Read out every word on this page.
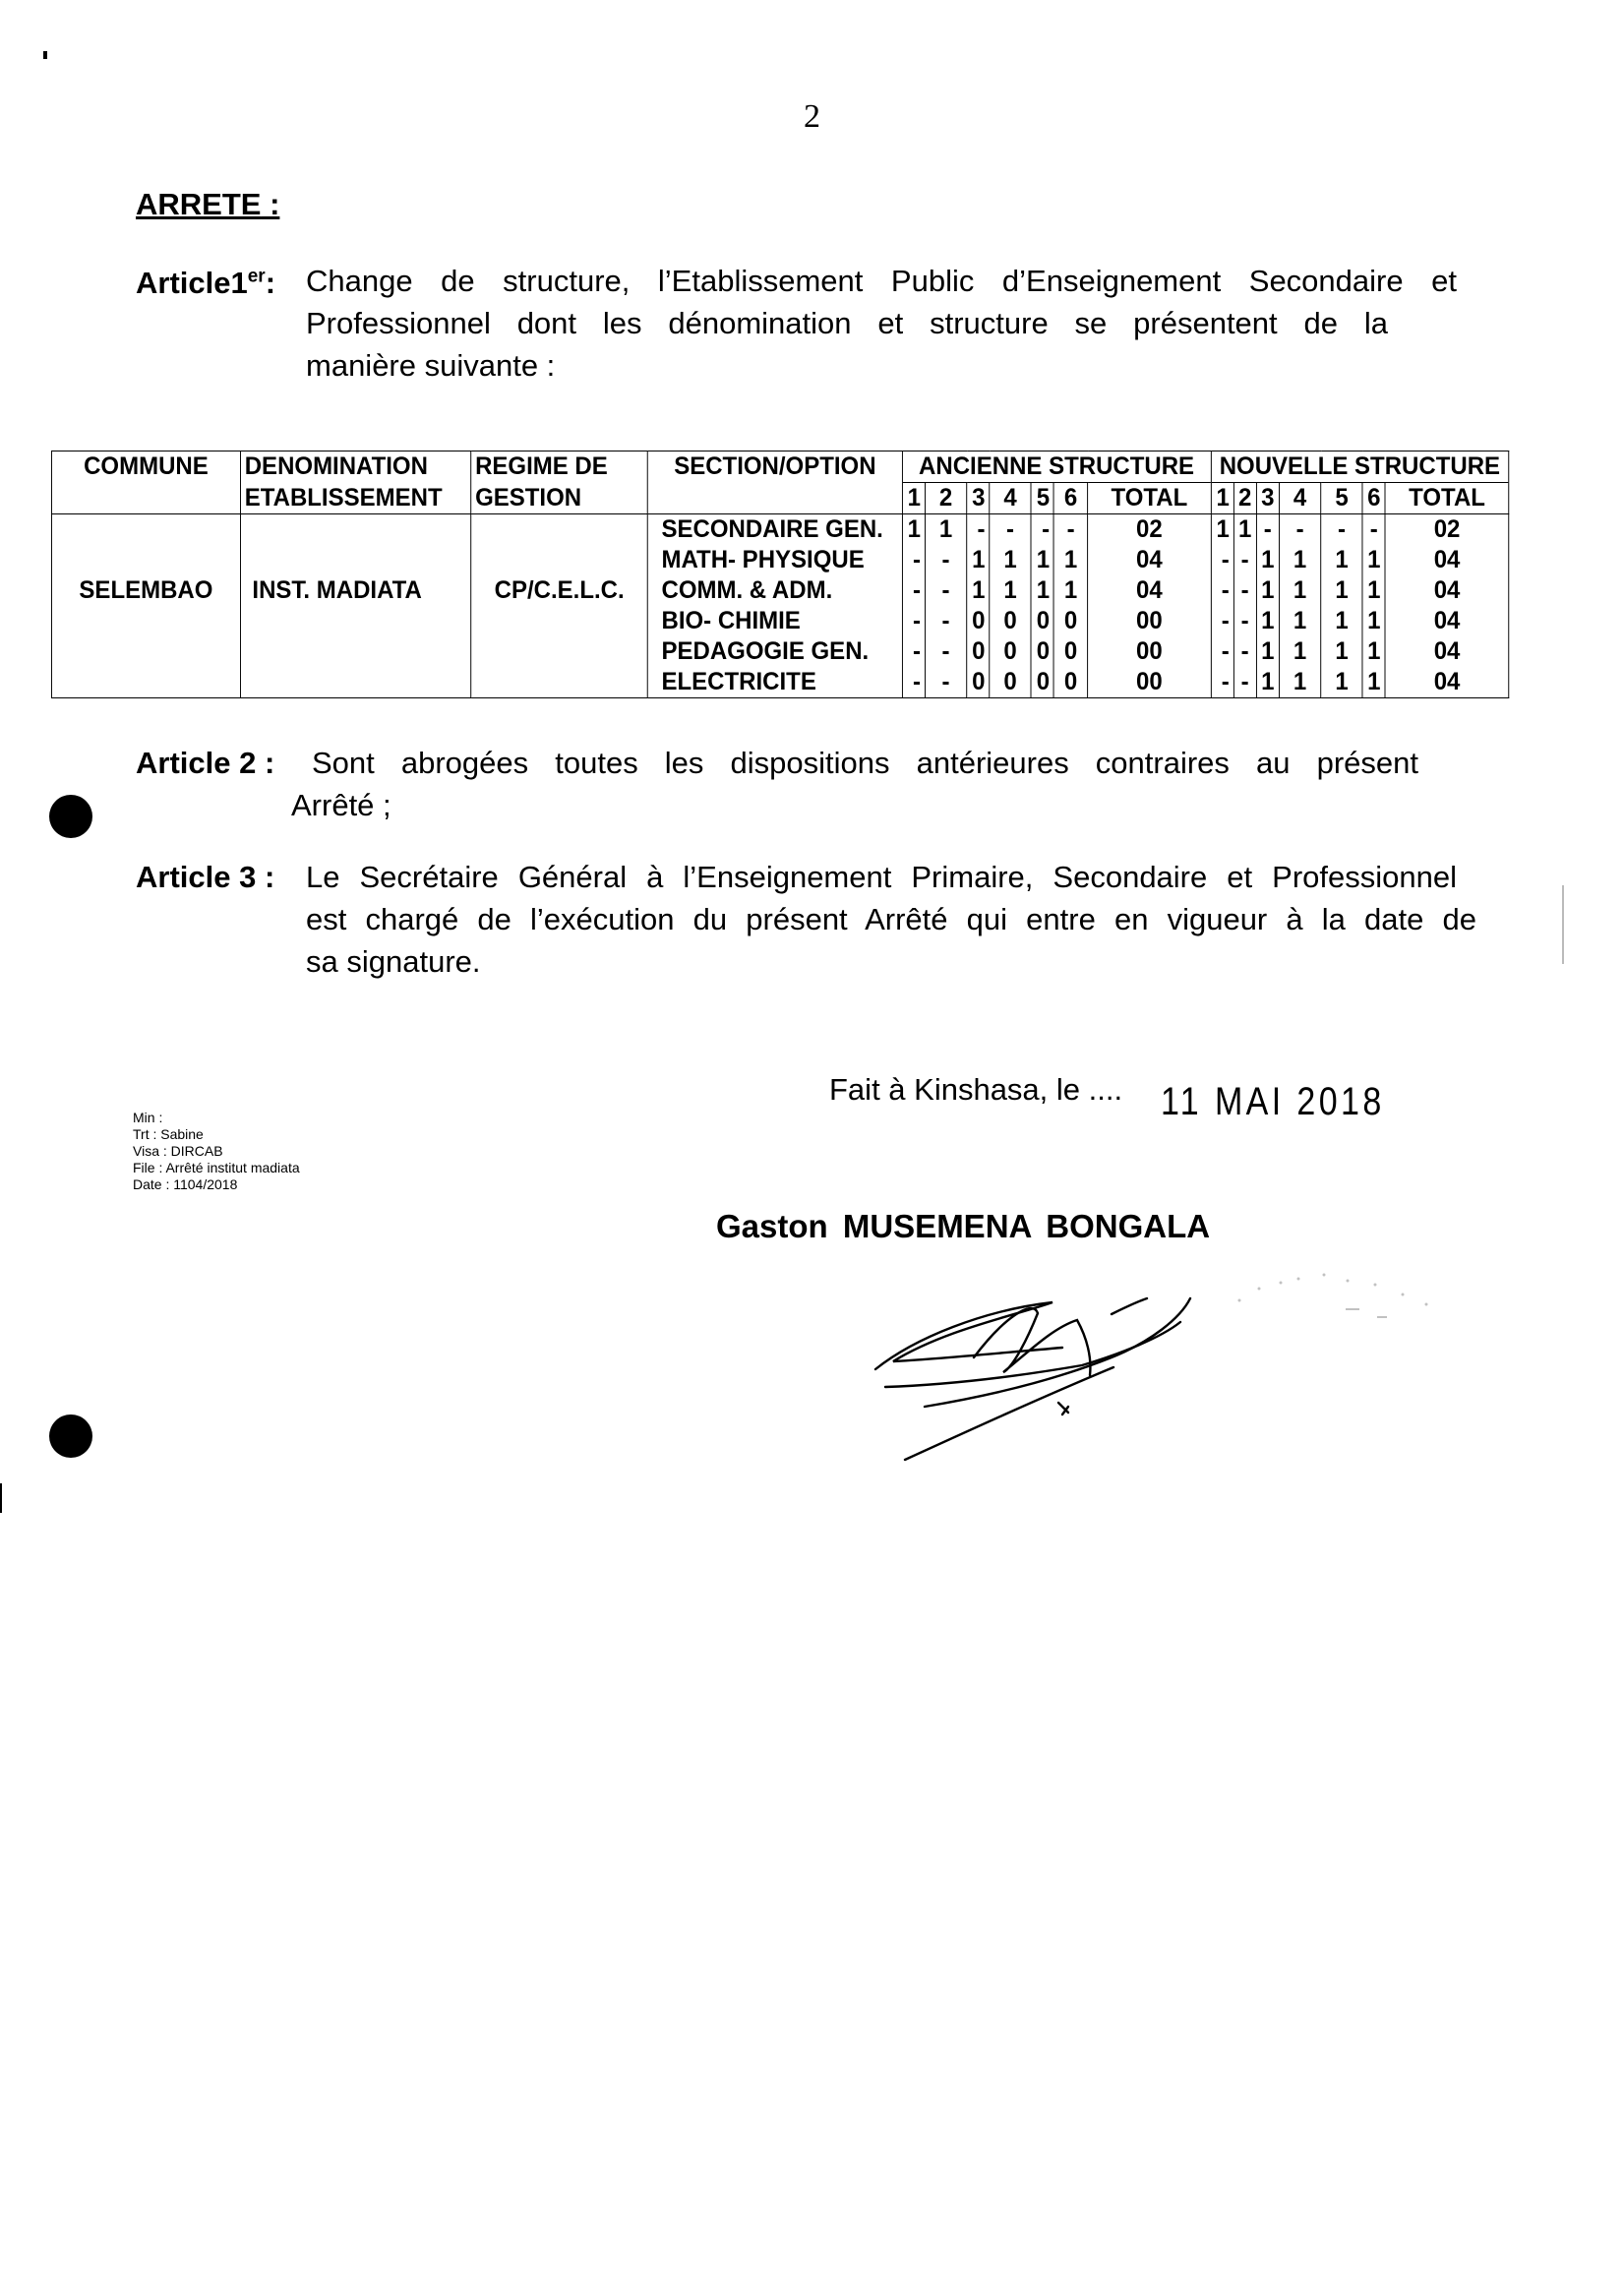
2
ARRETE :
Article1er: Change de structure, l’Etablissement Public d’Enseignement Secondaire et
Professionnel dont les dénomination et structure se présentent de la
manière suivante :
COMMUNE	DENOMINATION	REGIME DE	SECTION/OPTION	ANCIENNE STRUCTURE							NOUVELLE STRUCTURE						
	ETABLISSEMENT	GESTION		1	2	3	4	5	6	TOTAL	1	2	3	4	5	6	TOTAL
			SECONDAIRE GEN.	1	1	-	-	-	-	02	1	1	-	-	-	-	02
			MATH- PHYSIQUE	-	-	1	1	1	1	04	-	-	1	1	1	1	04
SELEMBAO	INST. MADIATA	CP/C.E.L.C.	COMM. & ADM.	-	-	1	1	1	1	04	-	-	1	1	1	1	04
			BIO- CHIMIE	-	-	0	0	0	0	00	-	-	1	1	1	1	04
			PEDAGOGIE GEN.	-	-	0	0	0	0	00	-	-	1	1	1	1	04
			ELECTRICITE	-	-	0	0	0	0	00	-	-	1	1	1	1	04
Article 2 :	Sont abrogées toutes les dispositions antérieures contraires au présent
Arrêté ;
Article 3 : Le Secrétaire Général à l’Enseignement Primaire, Secondaire et Professionnel
est chargé de l’exécution du présent Arrêté qui entre en vigueur à la date de
sa signature.
Fait à Kinshasa, le .... 11 MAI 2018
Min :
Trt : Sabine
Visa : DIRCAB
File : Arrêté institut madiata
Date : 1104/2018
Gaston MUSEMENA BONGALA
